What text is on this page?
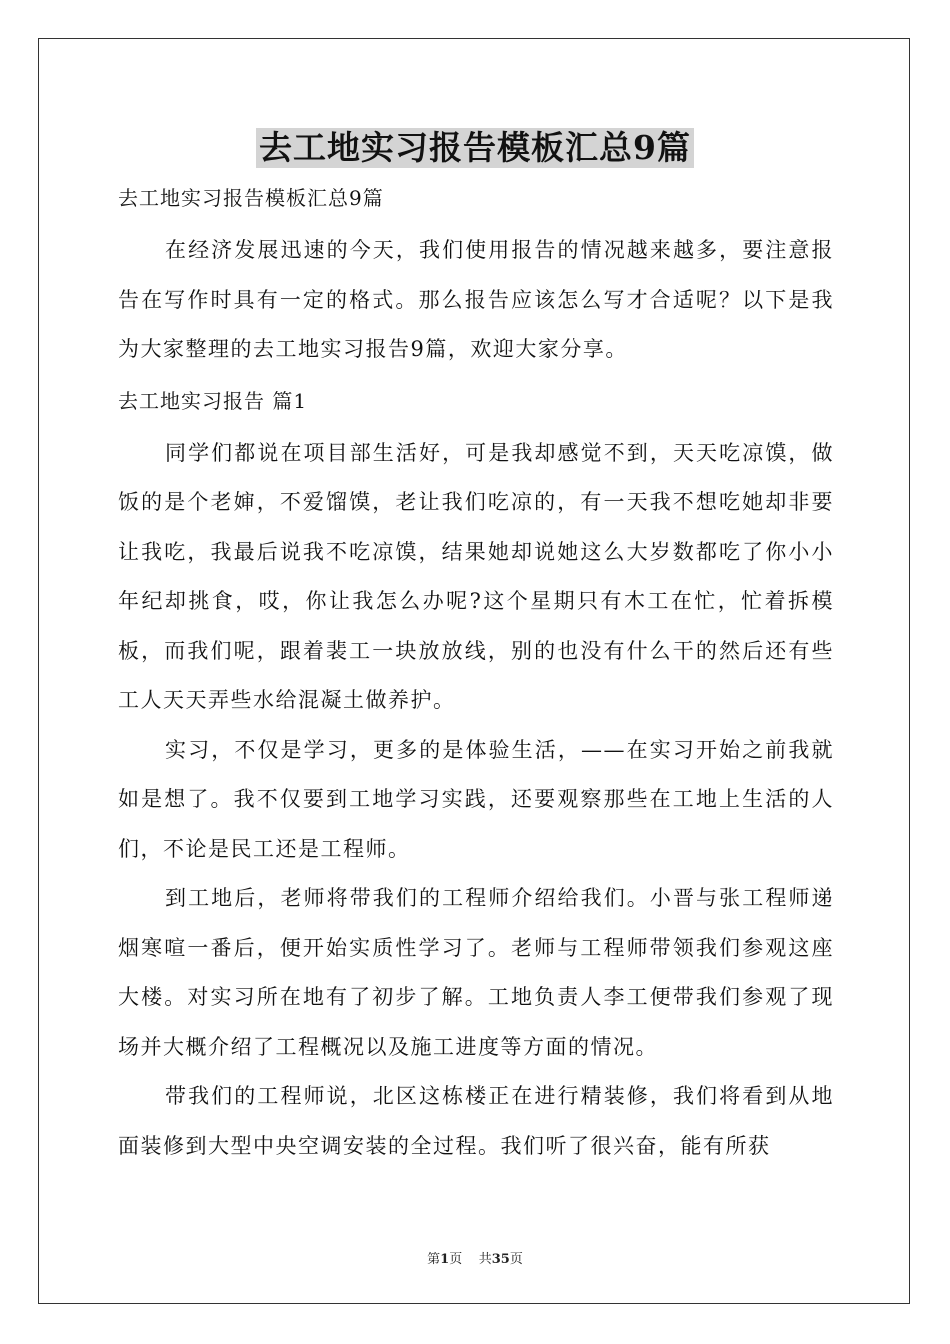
去工地实习报告模板汇总9篇
去工地实习报告模板汇总9篇

在经济发展迅速的今天，我们使用报告的情况越来越多，要注意报告在写作时具有一定的格式。那么报告应该怎么写才合适呢？以下是我为大家整理的去工地实习报告9篇，欢迎大家分享。

去工地实习报告 篇1

同学们都说在项目部生活好，可是我却感觉不到，天天吃凉馍，做饭的是个老婶，不爱馏馍，老让我们吃凉的，有一天我不想吃她却非要让我吃，我最后说我不吃凉馍，结果她却说她这么大岁数都吃了你小小年纪却挑食，哎，你让我怎么办呢?这个星期只有木工在忙，忙着拆模板，而我们呢，跟着裴工一块放放线，别的也没有什么干的然后还有些工人天天弄些水给混凝土做养护。

实习，不仅是学习，更多的是体验生活，——在实习开始之前我就如是想了。我不仅要到工地学习实践，还要观察那些在工地上生活的人们，不论是民工还是工程师。

到工地后，老师将带我们的工程师介绍给我们。小晋与张工程师递烟寒喧一番后，便开始实质性学习了。老师与工程师带领我们参观这座大楼。对实习所在地有了初步了解。工地负责人李工便带我们参观了现场并大概介绍了工程概况以及施工进度等方面的情况。

带我们的工程师说，北区这栋楼正在进行精装修，我们将看到从地面装修到大型中央空调安装的全过程。我们听了很兴奋，能有所获

第1页 共35页
